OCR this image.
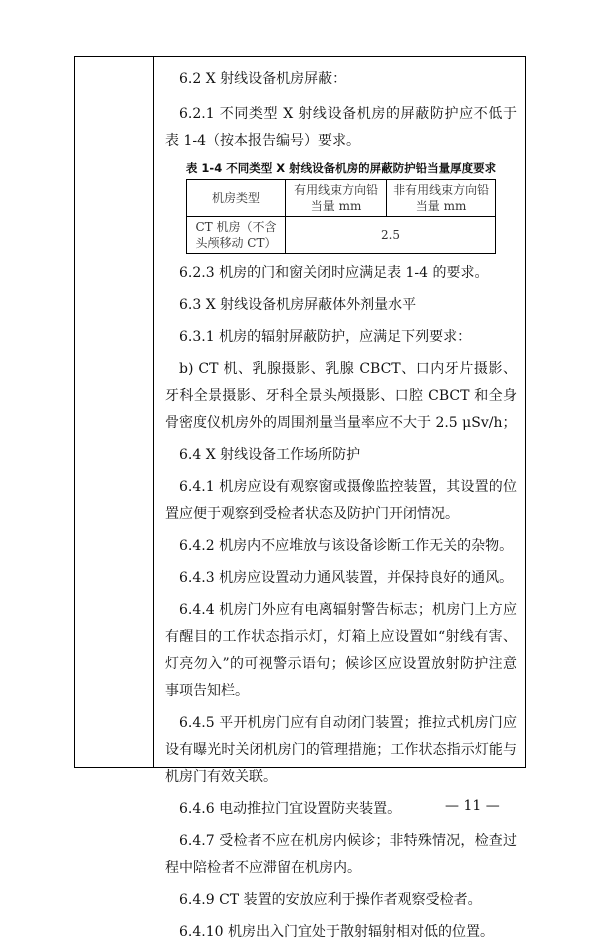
6.2 X 射线设备机房屏蔽：

6.2.1 不同类型 X 射线设备机房的屏蔽防护应不低于表 1-4（按本报告编号）要求。

表 1-4 不同类型 X 射线设备机房的屏蔽防护铅当量厚度要求
机房类型	有用线束方向铅当量 mm	非有用线束方向铅当量 mm
CT 机房（不含头颅移动 CT）	2.5	

6.2.3 机房的门和窗关闭时应满足表 1-4 的要求。

6.3 X 射线设备机房屏蔽体外剂量水平

6.3.1 机房的辐射屏蔽防护，应满足下列要求：

b) CT 机、乳腺摄影、乳腺 CBCT、口内牙片摄影、牙科全景摄影、牙科全景头颅摄影、口腔 CBCT 和全身骨密度仪机房外的周围剂量当量率应不大于 2.5 μSv/h；

6.4 X 射线设备工作场所防护

6.4.1 机房应设有观察窗或摄像监控装置，其设置的位置应便于观察到受检者状态及防护门开闭情况。

6.4.2 机房内不应堆放与该设备诊断工作无关的杂物。

6.4.3 机房应设置动力通风装置，并保持良好的通风。

6.4.4 机房门外应有电离辐射警告标志；机房门上方应有醒目的工作状态指示灯，灯箱上应设置如“射线有害、灯亮勿入”的可视警示语句；候诊区应设置放射防护注意事项告知栏。

6.4.5 平开机房门应有自动闭门装置；推拉式机房门应设有曝光时关闭机房门的管理措施；工作状态指示灯能与机房门有效关联。

6.4.6 电动推拉门宜设置防夹装置。

6.4.7 受检者不应在机房内候诊；非特殊情况，检查过程中陪检者不应滞留在机房内。

6.4.9 CT 装置的安放应利于操作者观察受检者。

6.4.10 机房出入门宜处于散射辐射相对低的位置。

— 11 —
